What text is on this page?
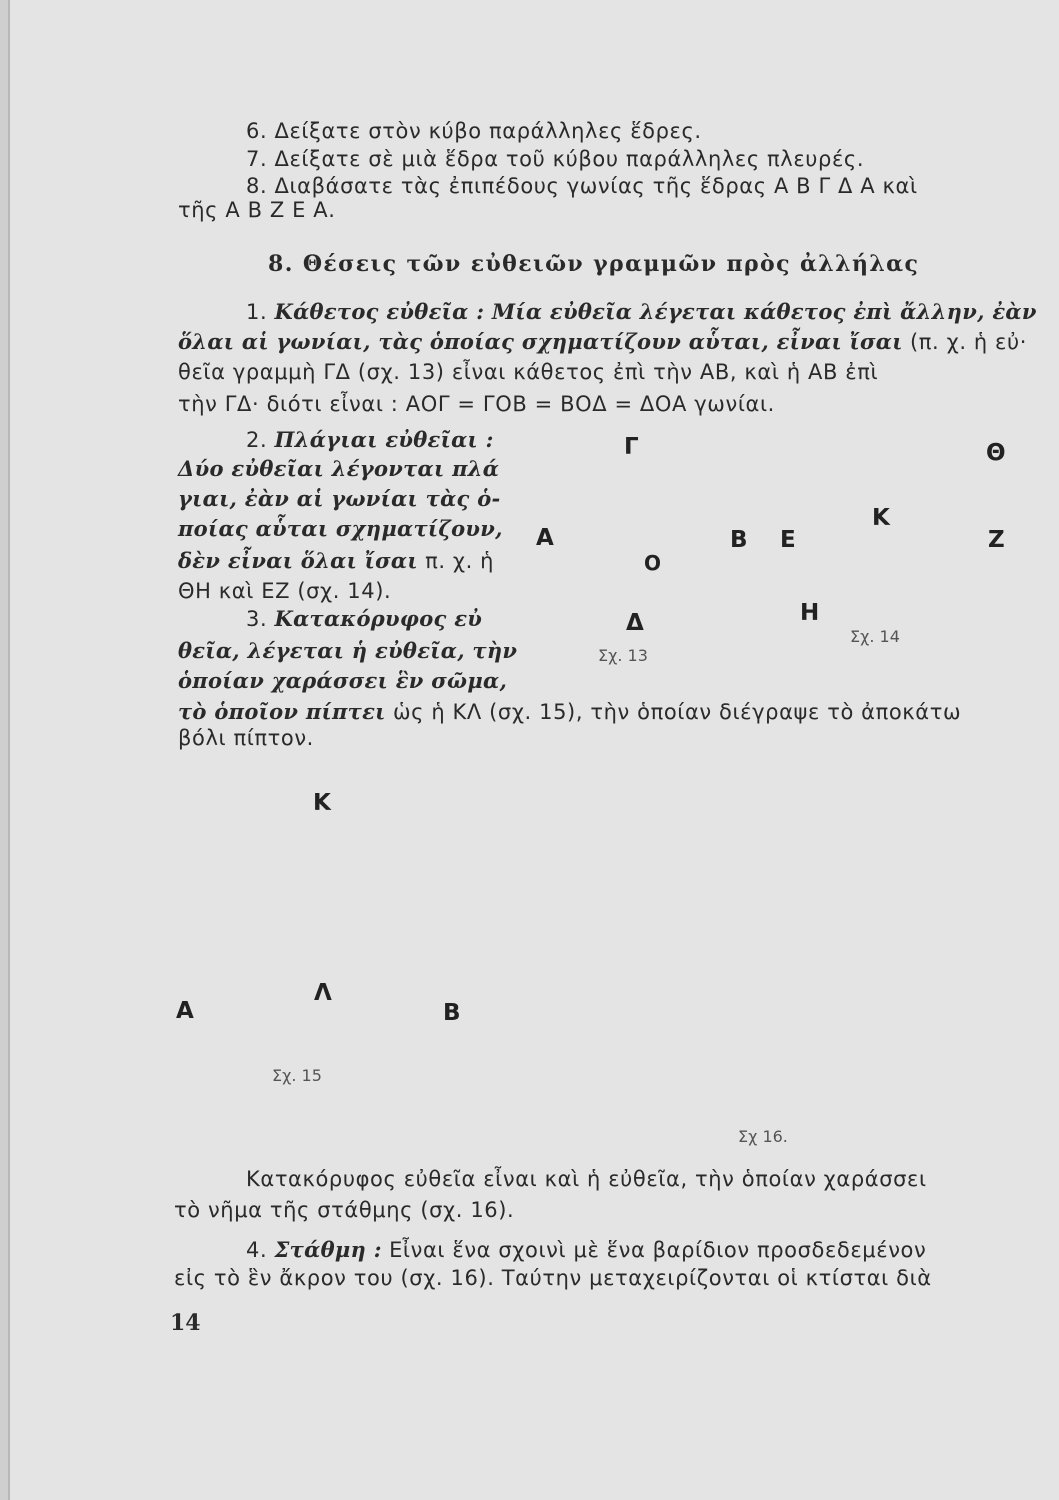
6. Δείξατε στὸν κύβο παράλληλες ἕδρες.
7. Δείξατε σὲ μιὰ ἕδρα τοῦ κύβου παράλληλες πλευρές.
8. Διαβάσατε τὰς ἐπιπέδους γωνίας τῆς ἕδρας Α Β Γ Δ Α καὶ
τῆς Α Β Ζ Ε Α.
8. Θέσεις τῶν εὐθειῶν γραμμῶν πρὸς ἀλλήλας
1. Κάθετος εὐθεῖα : Μία εὐθεῖα λέγεται κάθετος ἐπὶ ἄλλην, ἐὰν
ὅλαι αἱ γωνίαι, τὰς ὁποίας σχηματίζουν αὗται, εἶναι ἴσαι (π. χ. ἡ εὐ·
θεῖα γραμμὴ ΓΔ (σχ. 13) εἶναι κάθετος ἐπὶ τὴν ΑΒ, καὶ ἡ ΑΒ ἐπὶ
τὴν ΓΔ· διότι εἶναι : ΑΟΓ = ΓΟΒ = ΒΟΔ = ΔΟΑ γωνίαι.
2. Πλάγιαι εὐθεῖαι :
Δύο εὐθεῖαι λέγονται πλά
γιαι, ἐὰν αἱ γωνίαι τὰς ὁ-
ποίας αὗται σχηματίζουν,
δὲν εἶναι ὅλαι ἴσαι π. χ. ἡ
ΘΗ καὶ ΕΖ (σχ. 14).
3. Κατακόρυφος εὐ
θεῖα, λέγεται ἡ εὐθεῖα, τὴν
ὁποίαν χαράσσει ἓν σῶμα,
τὸ ὁποῖον πίπτει ὡς ἡ ΚΛ (σχ. 15), τὴν ὁποίαν διέγραψε τὸ ἀποκάτω
βόλι πίπτον.
Γ
Α	Β
Ο
Δ
Σχ. 13
Θ
Κ
Ε	Ζ
Η
Σχ. 14
Κ
Λ
Α	Β
Σχ. 15
Σχ 16.
Κατακόρυφος εὐθεῖα εἶναι καὶ ἡ εὐθεῖα, τὴν ὁποίαν χαράσσει
τὸ νῆμα τῆς στάθμης (σχ. 16).
4. Στάθμη : Εἶναι ἕνα σχοινὶ μὲ ἕνα βαρίδιον προσδεδεμένον
εἰς τὸ ἓν ἄκρον του (σχ. 16). Ταύτην μεταχειρίζονται οἱ κτίσται διὰ
14
